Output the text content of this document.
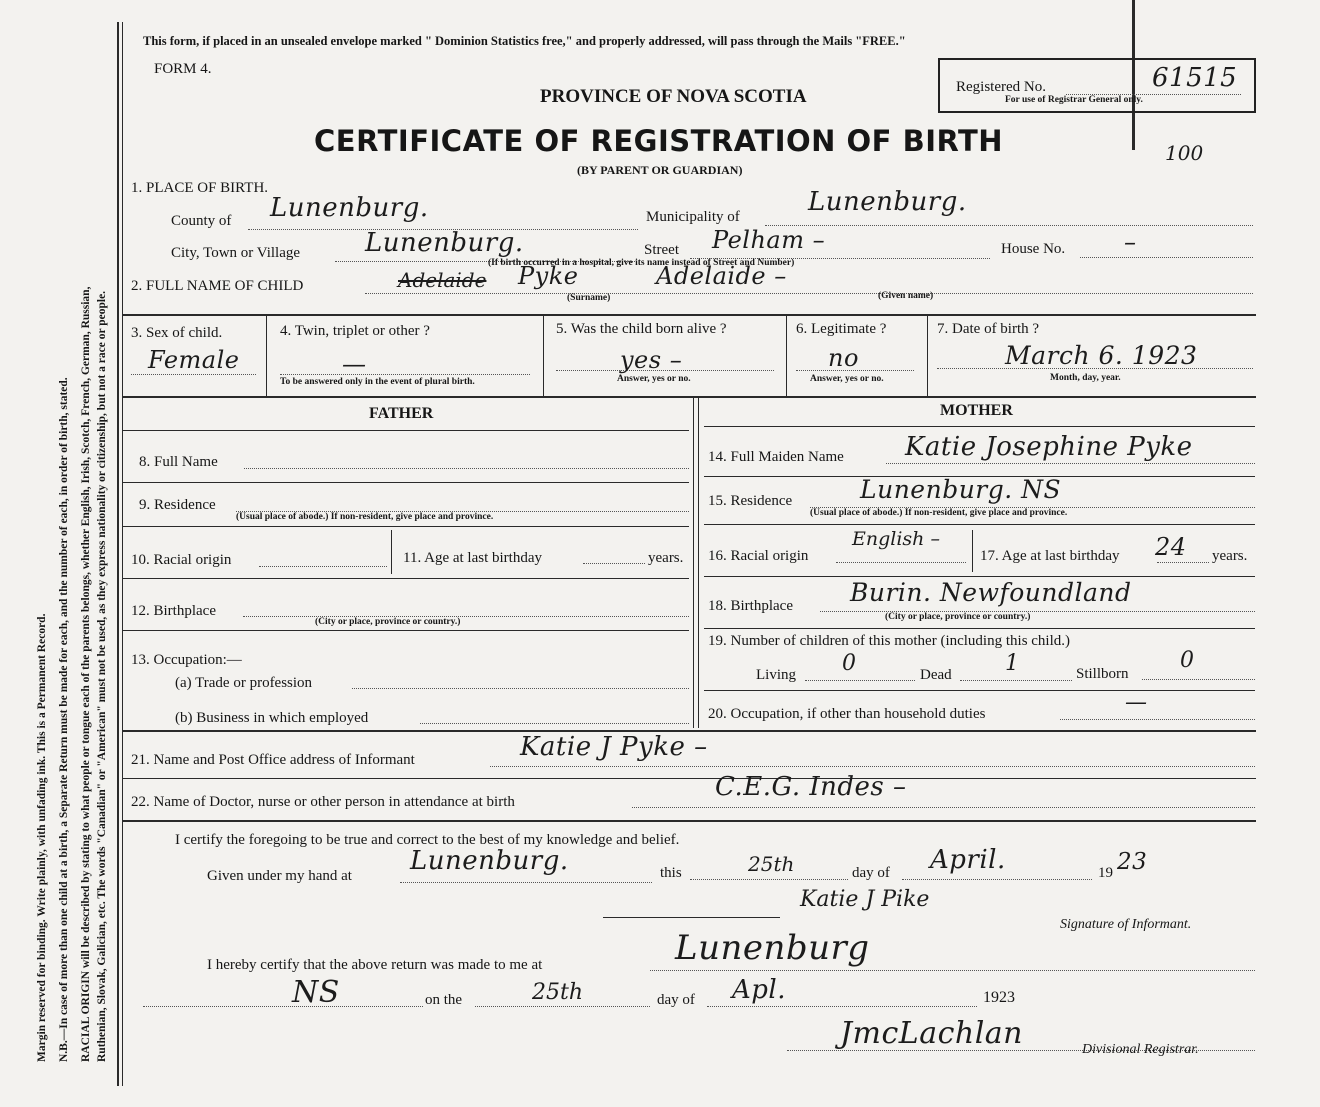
Margin reserved for binding. Write plainly, with unfading ink. This is a Permanent Record. N.B.—In case of more than one child at a birth, a Separate Return must be made for each, and the number of each, in order of birth, stated. RACIAL ORIGIN will be described by stating to what people or tongue each of the parents belongs, whether English, Irish, Scotch, French, German, Russian, Ruthenian, Slovak, Galician, etc. The words "Canadian" or "American" must not be used, as they express nationality or citizenship, but not a race or people.
This form, if placed in an unsealed envelope marked " Dominion Statistics free," and properly addressed, will pass through the Mails "FREE."
FORM 4.
PROVINCE OF NOVA SCOTIA
CERTIFICATE OF REGISTRATION OF BIRTH
(BY PARENT OR GUARDIAN)
Registered No.	61515
For use of Registrar General only.
100
1. PLACE OF BIRTH.
County of Lunenburg.	Municipality of	Lunenburg.
City, Town or Village Lunenburg.	Street Pelham –	House No. –
(If birth occurred in a hospital, give its name instead of Street and Number)
2. FULL NAME OF CHILD	Adelaide Pyke	Adelaide –
(Surname)	(Given name)
3. Sex of child.
Female
4. Twin, triplet or other ?
—
To be answered only in the event of plural birth.
5. Was the child born alive ?
yes –
Answer, yes or no.
6. Legitimate ?
no
Answer, yes or no.
7. Date of birth ?
March 6. 1923
Month, day, year.
FATHER	MOTHER
8. Full Name
9. Residence
(Usual place of abode.) If non-resident, give place and province.
10. Racial origin	11. Age at last birthday	years.
12. Birthplace
(City or place, province or country.)
13. Occupation:—
(a) Trade or profession
(b) Business in which employed
14. Full Maiden Name Katie Josephine Pyke
15. Residence	Lunenburg. NS
(Usual place of abode.) If non-resident, give place and province.
16. Racial origin
English –
17. Age at last birthday 24 years.
18. Birthplace Burin. Newfoundland
(City or place, province or country.)
19. Number of children of this mother (including this child.)
Living 0	Dead 1	Stillborn
0
20. Occupation, if other than household duties	—
21. Name and Post Office address of Informant	Katie J Pyke –
22. Name of Doctor, nurse or other person in attendance at birth	C.E.G. Indes –
I certify the foregoing to be true and correct to the best of my knowledge and belief.
Given under my hand at Lunenburg.	this	25th	day of April.	19 23
Katie J Pike
Signature of Informant.
I hereby certify that the above return was made to me at	Lunenburg
NS	on the	25th	day of Apl.	1923
JmcLachlan	Divisional Registrar.
